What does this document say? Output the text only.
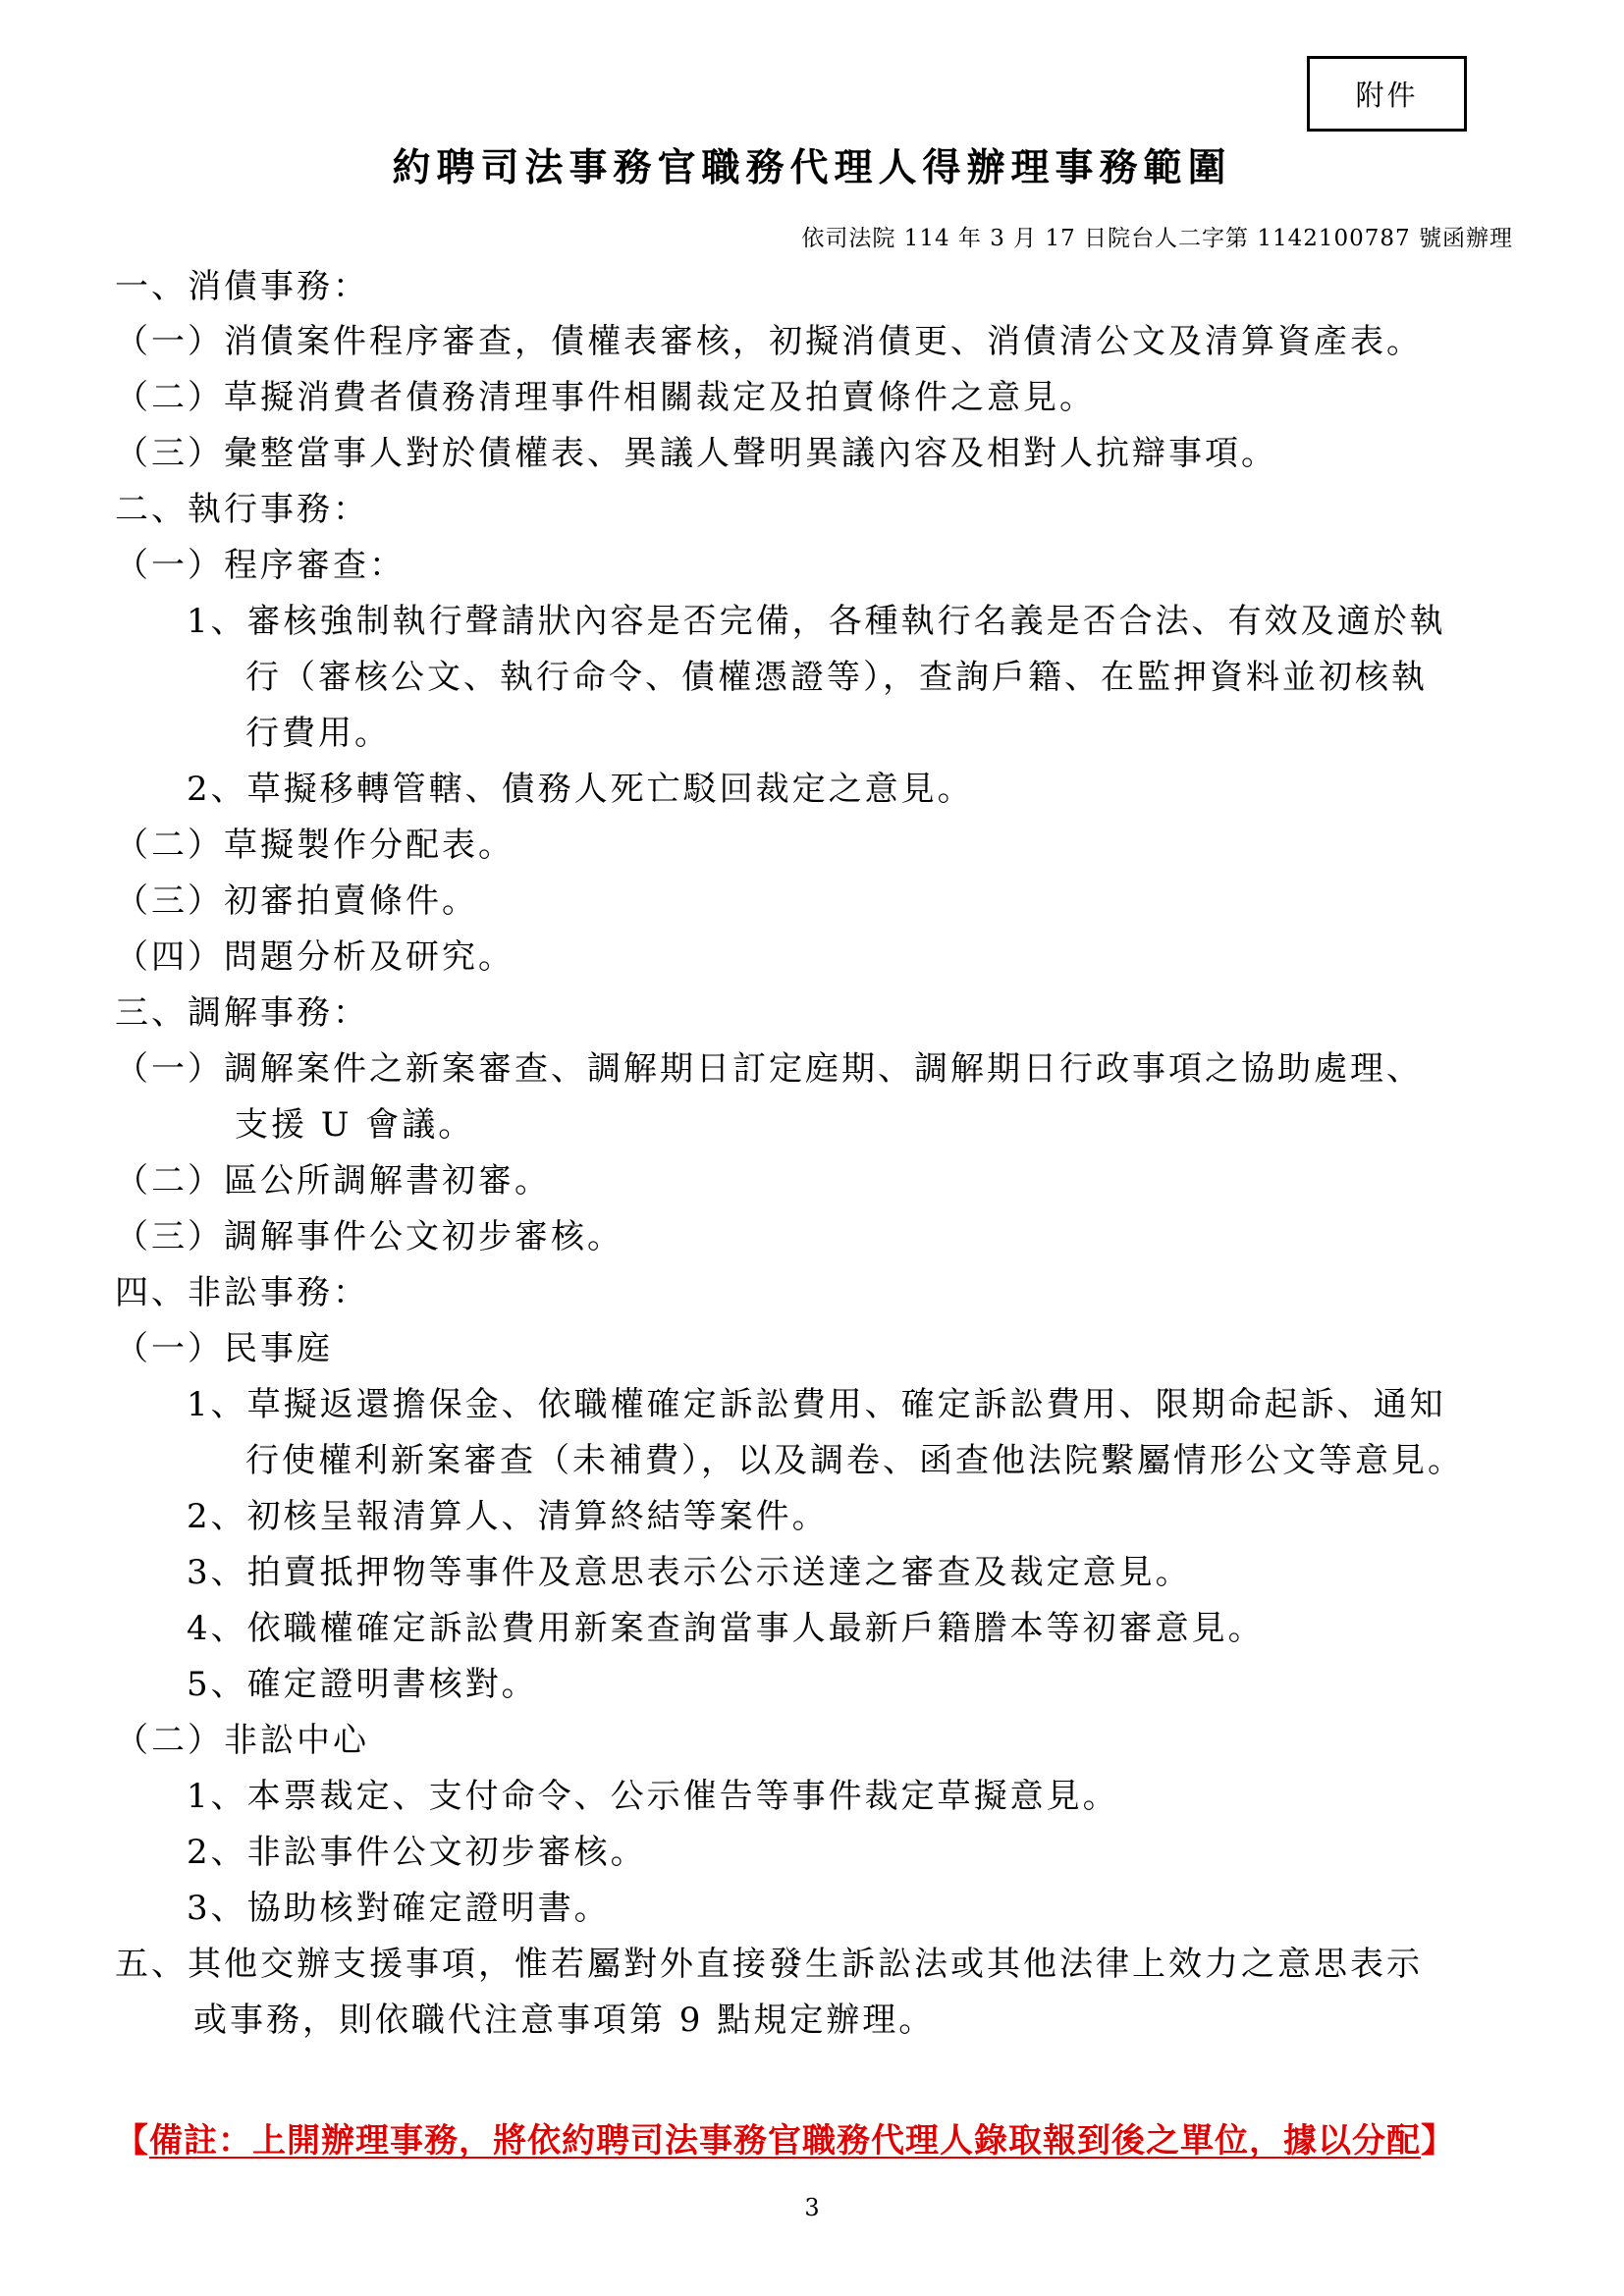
附件
約聘司法事務官職務代理人得辦理事務範圍
依司法院 114 年 3 月 17 日院台人二字第 1142100787 號函辦理
一、消債事務：
（一）消債案件程序審查，債權表審核，初擬消債更、消債清公文及清算資產表。
（二）草擬消費者債務清理事件相關裁定及拍賣條件之意見。
（三）彙整當事人對於債權表、異議人聲明異議內容及相對人抗辯事項。
二、執行事務：
（一）程序審查：
1、審核強制執行聲請狀內容是否完備，各種執行名義是否合法、有效及適於執
行（審核公文、執行命令、債權憑證等），查詢戶籍、在監押資料並初核執
行費用。
2、草擬移轉管轄、債務人死亡駁回裁定之意見。
（二）草擬製作分配表。
（三）初審拍賣條件。
（四）問題分析及研究。
三、調解事務：
（一）調解案件之新案審查、調解期日訂定庭期、調解期日行政事項之協助處理、
支援 U 會議。
（二）區公所調解書初審。
（三）調解事件公文初步審核。
四、非訟事務：
（一）民事庭
1、草擬返還擔保金、依職權確定訴訟費用、確定訴訟費用、限期命起訴、通知
行使權利新案審查（未補費），以及調卷、函查他法院繫屬情形公文等意見。
2、初核呈報清算人、清算終結等案件。
3、拍賣抵押物等事件及意思表示公示送達之審查及裁定意見。
4、依職權確定訴訟費用新案查詢當事人最新戶籍謄本等初審意見。
5、確定證明書核對。
（二）非訟中心
1、本票裁定、支付命令、公示催告等事件裁定草擬意見。
2、非訟事件公文初步審核。
3、協助核對確定證明書。
五、其他交辦支援事項，惟若屬對外直接發生訴訟法或其他法律上效力之意思表示
或事務，則依職代注意事項第 9 點規定辦理。
【備註：上開辦理事務，將依約聘司法事務官職務代理人錄取報到後之單位，據以分配】
3
